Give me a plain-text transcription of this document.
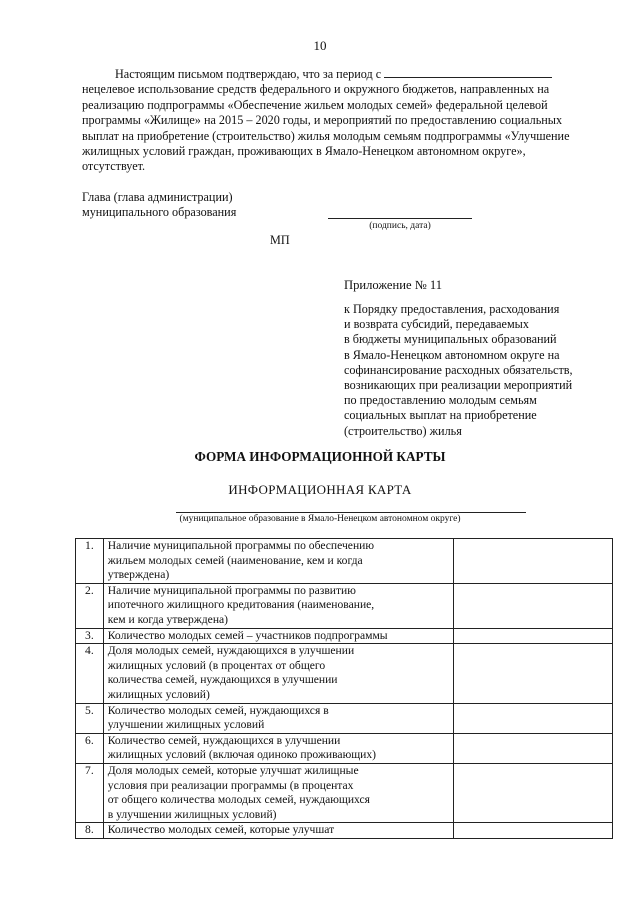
10
Настоящим письмом подтверждаю, что за период с
нецелевое использование средств федерального и окружного бюджетов, направленных на
реализацию подпрограммы «Обеспечение жильем молодых семей» федеральной целевой
программы «Жилище» на 2015 – 2020 годы, и мероприятий по предоставлению социальных
выплат на приобретение (строительство) жилья молодым семьям подпрограммы «Улучшение
жилищных условий граждан, проживающих в Ямало-Ненецком автономном округе»,
отсутствует.
Глава (глава администрации)
муниципального образования
(подпись, дата)
МП
Приложение № 11
к Порядку предоставления, расходования
и возврата субсидий, передаваемых
в бюджеты муниципальных образований
в Ямало-Ненецком автономном округе на
софинансирование расходных обязательств,
возникающих при реализации мероприятий
по предоставлению молодым семьям
социальных выплат на приобретение
(строительство) жилья
ФОРМА ИНФОРМАЦИОННОЙ КАРТЫ
ИНФОРМАЦИОННАЯ КАРТА
(муниципальное образование в Ямало-Ненецком автономном округе)
1.	Наличие муниципальной программы по обеспечению
жильем молодых семей (наименование, кем и когда
утверждена)	

2.	Наличие муниципальной программы по развитию
ипотечного жилищного кредитования (наименование,
кем и когда утверждена)	

3.	Количество молодых семей – участников подпрограммы	

4.	Доля молодых семей, нуждающихся в улучшении
жилищных условий (в процентах от общего
количества семей, нуждающихся в улучшении
жилищных условий)	

5.	Количество молодых семей, нуждающихся в
улучшении жилищных условий	

6.	Количество семей, нуждающихся в улучшении
жилищных условий (включая одиноко проживающих)	

7.	Доля молодых семей, которые улучшат жилищные
условия при реализации программы (в процентах
от общего количества молодых семей, нуждающихся
в улучшении жилищных условий)	

8.	Количество молодых семей, которые улучшат	
